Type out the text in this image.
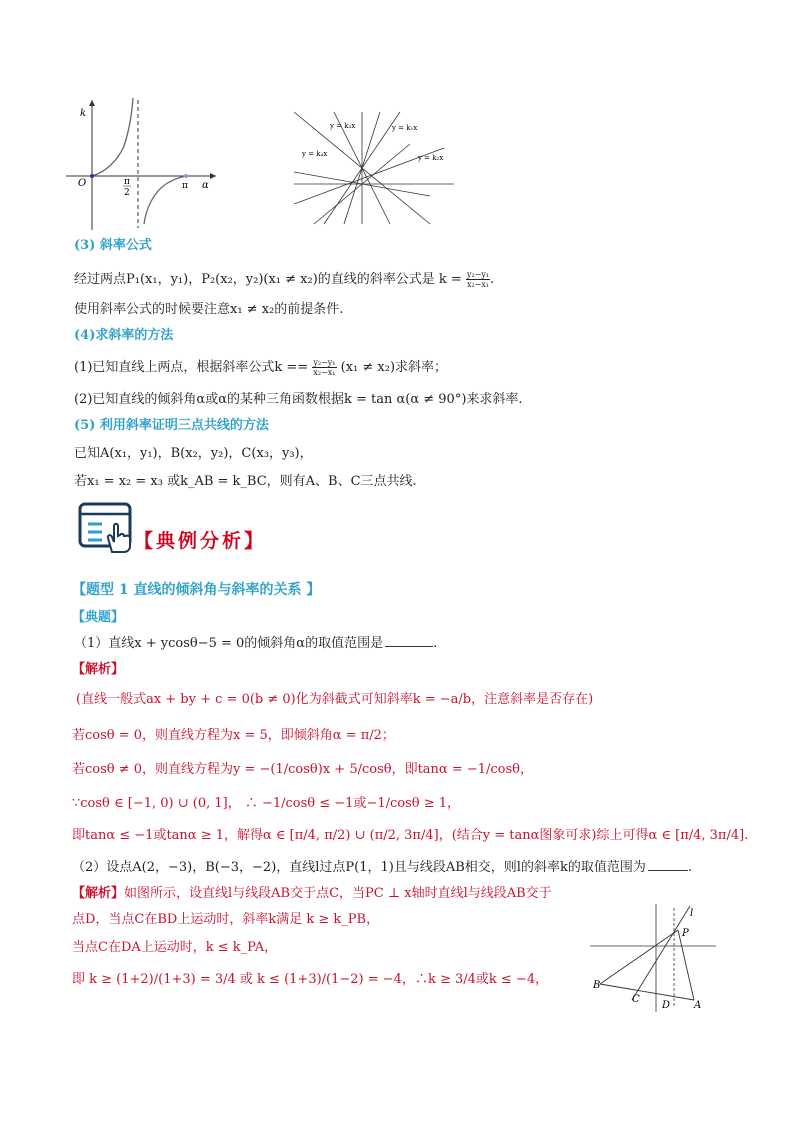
k
O	π
2
π α
y = k₃x	y = k₁x
y = k₄x	y = k₂x
(3) 斜率公式
经过两点P₁(x₁，y₁)，P₂(x₂，y₂)(x₁ ≠ x₂)的直线的斜率公式是 $k = \frac{\text{y₂−y₁}}{\text{x₂−x₁}}$ .
使用斜率公式的时候要注意x₁ ≠ x₂的前提条件.
(4)求斜率的方法
(1)已知直线上两点，根据斜率公式$k == \frac{\text{y₂−y₁}}{\text{x₂−x₁}} (x_1 \ne x_2)$求斜率；
(2)已知直线的倾斜角α或α的某种三角函数根据k = tan α(α ≠ 90°)来求斜率.
(5) 利用斜率证明三点共线的方法
已知A(x₁，y₁)，B(x₂，y₂)，C(x₃，y₃)，
若x₁ = x₂ = x₃ 或k_AB = k_BC，则有A、B、C三点共线.
【典例分析】
【题型 1 直线的倾斜角与斜率的关系 】
【典题】
（1）直线x + ycosθ−5 = 0的倾斜角α的取值范围是	.
【解析】
(直线一般式ax + by + c = 0(b ≠ 0)化为斜截式可知斜率k = −a/b，注意斜率是否存在)
若cosθ = 0，则直线方程为x = 5，即倾斜角α = π/2；
若cosθ ≠ 0，则直线方程为y = −(1/cosθ)x + 5/cosθ，即tanα = −1/cosθ，
∵cosθ ∈ [−1, 0) ∪ (0, 1]， ∴ −1/cosθ ≤ −1或−1/cosθ ≥ 1，
即tanα ≤ −1或tanα ≥ 1，解得α ∈ [π/4, π/2) ∪ (π/2, 3π/4]，(结合y = tanα图象可求)综上可得α ∈ [π/4, 3π/4].
（2）设点A(2，−3)，B(−3，−2)，直线l过点P(1，1)且与线段AB相交，则l的斜率k的取值范围为	.
【解析】如图所示，设直线l与线段AB交于点C，当PC ⊥ x轴时直线l与线段AB交于
点D，当点C在BD上运动时，斜率k满足 k ≥ k_PB，
当点C在DA上运动时，k ≤ k_PA，
即 k ≥ (1+2)/(1+3) = 3/4 或 k ≤ (1+3)/(1−2) = −4，∴k ≥ 3/4或k ≤ −4，	B
C
D A
P
l
